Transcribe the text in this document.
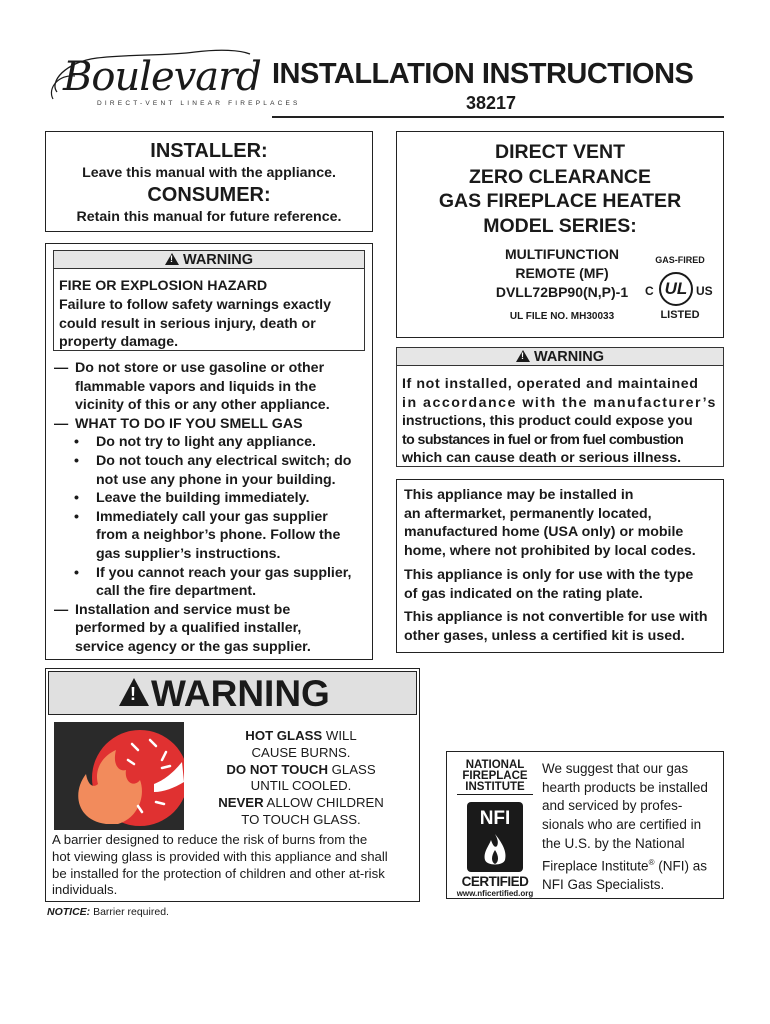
Boulevard
DIRECT-VENT LINEAR FIREPLACES
INSTALLATION INSTRUCTIONS
38217
INSTALLER:
Leave this manual with the appliance.
CONSUMER:
Retain this manual for future reference.
DIRECT VENT
ZERO CLEARANCE
GAS FIREPLACE HEATER
MODEL SERIES:
MULTIFUNCTION
REMOTE (MF)
DVLL72BP90(N,P)-1
UL FILE NO. MH30033
GAS-FIRED
C UL US
LISTED
!WARNING
FIRE OR EXPLOSION HAZARD
Failure to follow safety warnings exactly
could result in serious injury, death or
property damage.
— Do not store or use gasoline or other
flammable vapors and liquids in the
vicinity of this or any other appliance.
— WHAT TO DO IF YOU SMELL GAS
• Do not try to light any appliance.
• Do not touch any electrical switch; do
not use any phone in your building.
• Leave the building immediately.
• Immediately call your gas supplier
from a neighbor’s phone. Follow the
gas supplier’s instructions.
• If you cannot reach your gas supplier,
call the fire department.
— Installation and service must be
performed by a qualified installer,
service agency or the gas supplier.
!WARNING
If not installed, operated and maintained
in accordance with the manufacturer’s
instructions, this product could expose you
to substances in fuel or from fuel combustion
which can cause death or serious illness.
This appliance may be installed in
an aftermarket, permanently located,
manufactured home (USA only) or mobile
home, where not prohibited by local codes.
This appliance is only for use with the type
of gas indicated on the rating plate.
This appliance is not convertible for use with
other gases, unless a certified kit is used.
!WARNING
HOT GLASS WILL
CAUSE BURNS.
DO NOT TOUCH GLASS
UNTIL COOLED.
NEVER ALLOW CHILDREN
TO TOUCH GLASS.
A barrier designed to reduce the risk of burns from the
hot viewing glass is provided with this appliance and shall
be installed for the protection of children and other at-risk
individuals.
NOTICE: Barrier required.
NATIONAL
FIREPLACE
INSTITUTE
NFI
CERTIFIED
www.nficertified.org
We suggest that our gas
hearth products be installed
and serviced by profes-
sionals who are certified in
the U.S. by the National
Fireplace Institute® (NFI) as
NFI Gas Specialists.
